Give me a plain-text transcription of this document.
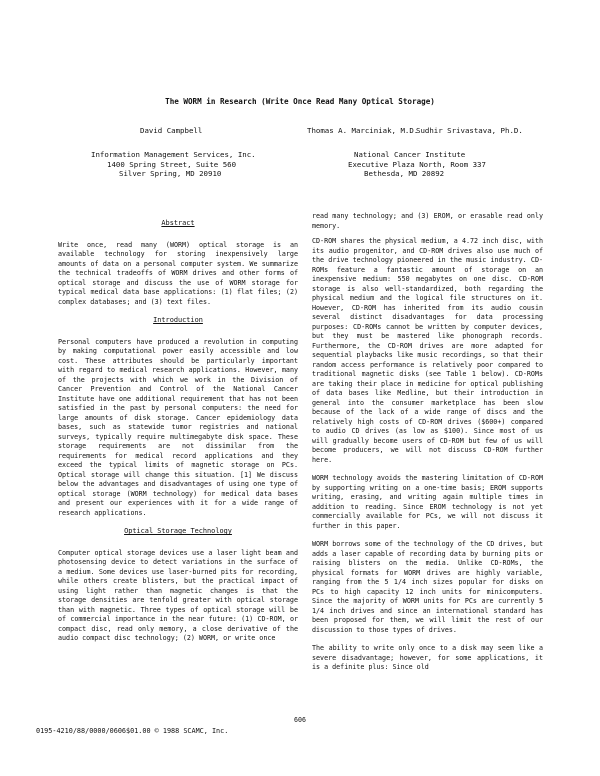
The WORM in Research (Write Once Read Many Optical Storage)
David Campbell	Thomas A. Marciniak, M.D.
Sudhir Srivastava, Ph.D.
Information Management Services, Inc.
1400 Spring Street, Suite 560
Silver Spring, MD 20910
National Cancer Institute
Executive Plaza North, Room 337
Bethesda, MD 20892
Abstract

Write once, read many (WORM) optical storage is an available technology for storing inexpensively large amounts of data on a personal computer system. We summarize the technical tradeoffs of WORM drives and other forms of optical storage and discuss the use of WORM storage for typical medical data base applications: (1) flat files; (2) complex databases; and (3) text files.

Introduction

Personal computers have produced a revolution in computing by making computational power easily accessible and low cost. These attributes should be particularly important with regard to medical research applications. However, many of the projects with which we work in the Division of Cancer Prevention and Control of the National Cancer Institute have one additional requirement that has not been satisfied in the past by personal computers: the need for large amounts of disk storage. Cancer epidemiology data bases, such as statewide tumor registries and national surveys, typically require multimegabyte disk space. These storage requirements are not dissimilar from the requirements for medical record applications and they exceed the typical limits of magnetic storage on PCs. Optical storage will change this situation. [1] We discuss below the advantages and disadvantages of using one type of optical storage (WORM technology) for medical data bases and present our experiences with it for a wide range of research applications.

Optical Storage Technology

Computer optical storage devices use a laser light beam and photosensing device to detect variations in the surface of a medium. Some devices use laser-burned pits for recording, while others create blisters, but the practical impact of using light rather than magnetic changes is that the storage densities are tenfold greater with optical storage than with magnetic. Three types of optical storage will be of commercial importance in the near future: (1) CD-ROM, or compact disc, read only memory, a close derivative of the audio compact disc technology; (2) WORM, or write once

read many technology; and (3) EROM, or erasable read only memory.

CD-ROM shares the physical medium, a 4.72 inch disc, with its audio progenitor, and CD-ROM drives also use much of the drive technology pioneered in the music industry. CD-ROMs feature a fantastic amount of storage on an inexpensive medium: 550 megabytes on one disc. CD-ROM storage is also well-standardized, both regarding the physical medium and the logical file structures on it. However, CD-ROM has inherited from its audio cousin several distinct disadvantages for data processing purposes: CD-ROMs cannot be written by computer devices, but they must be mastered like phonograph records. Furthermore, the CD-ROM drives are more adapted for sequential playbacks like music recordings, so that their random access performance is relatively poor compared to traditional magnetic disks (see Table 1 below). CD-ROMs are taking their place in medicine for optical publishing of data bases like Medline, but their introduction in general into the consumer marketplace has been slow because of the lack of a wide range of discs and the relatively high costs of CD-ROM drives ($600+) compared to audio CD drives (as low as $100). Since most of us will gradually become users of CD-ROM but few of us will become producers, we will not discuss CD-ROM further here.

WORM technology avoids the mastering limitation of CD-ROM by supporting writing on a one-time basis; EROM supports writing, erasing, and writing again multiple times in addition to reading. Since EROM technology is not yet commercially available for PCs, we will not discuss it further in this paper.

WORM borrows some of the technology of the CD drives, but adds a laser capable of recording data by burning pits or raising blisters on the media. Unlike CD-ROMs, the physical formats for WORM drives are highly variable, ranging from the 5 1/4 inch sizes popular for disks on PCs to high capacity 12 inch units for minicomputers. Since the majority of WORM units for PCs are currently 5 1/4 inch drives and since an international standard has been proposed for them, we will limit the rest of our discussion to those types of drives.

The ability to write only once to a disk may seem like a severe disadvantage; however, for some applications, it is a definite plus: Since old

606
0195-4210/88/0000/0606$01.00 © 1988 SCAMC, Inc.
